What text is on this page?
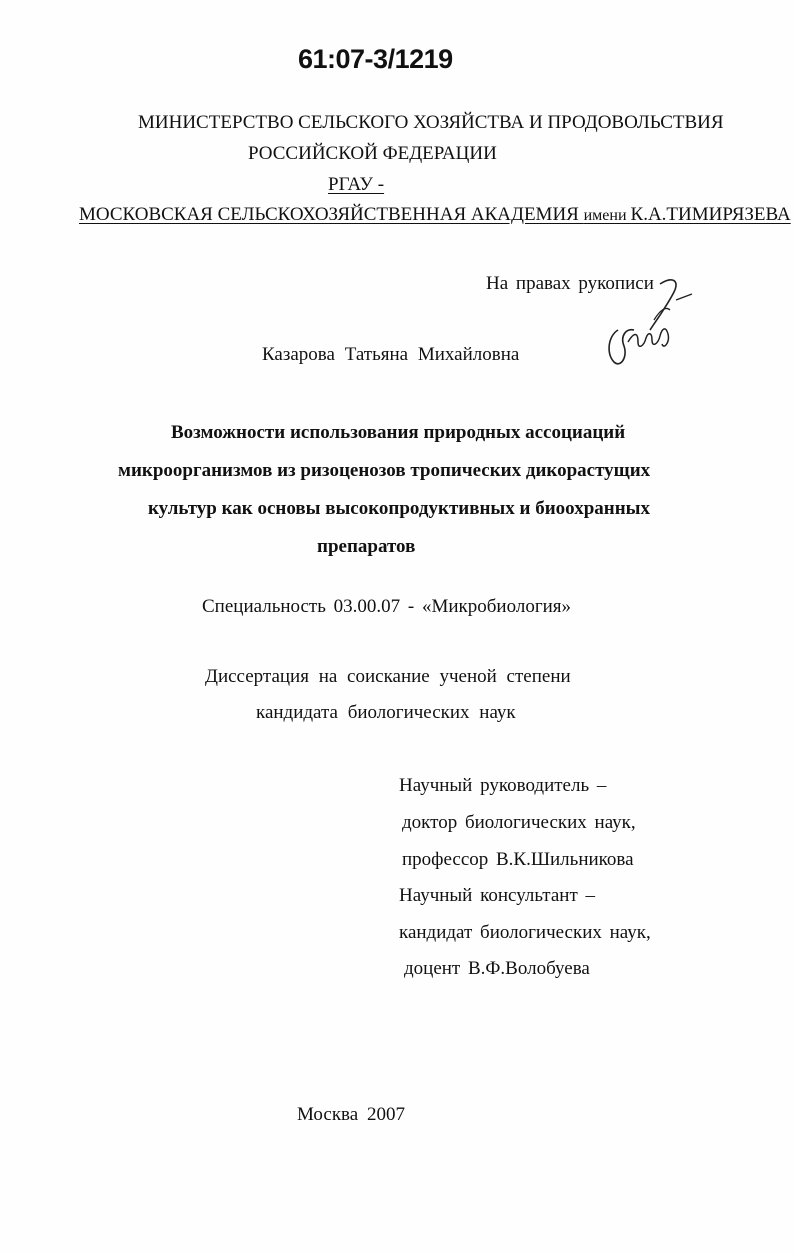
61:07-3/1219
МИНИСТЕРСТВО СЕЛЬСКОГО ХОЗЯЙСТВА И ПРОДОВОЛЬСТВИЯ
РОССИЙСКОЙ ФЕДЕРАЦИИ
РГАУ -
МОСКОВСКАЯ СЕЛЬСКОХОЗЯЙСТВЕННАЯ АКАДЕМИЯ имени К.А.ТИМИРЯЗЕВА
На правах рукописи
Казарова Татьяна Михайловна
Возможности использования природных ассоциаций
микроорганизмов из ризоценозов тропических дикорастущих
культур как основы высокопродуктивных и биоохранных
препаратов
Специальность 03.00.07 - «Микробиология»
Диссертация на соискание ученой степени
кандидата биологических наук
Научный руководитель –
доктор биологических наук,
профессор В.К.Шильникова
Научный консультант –
кандидат биологических наук,
доцент В.Ф.Волобуева
Москва 2007
